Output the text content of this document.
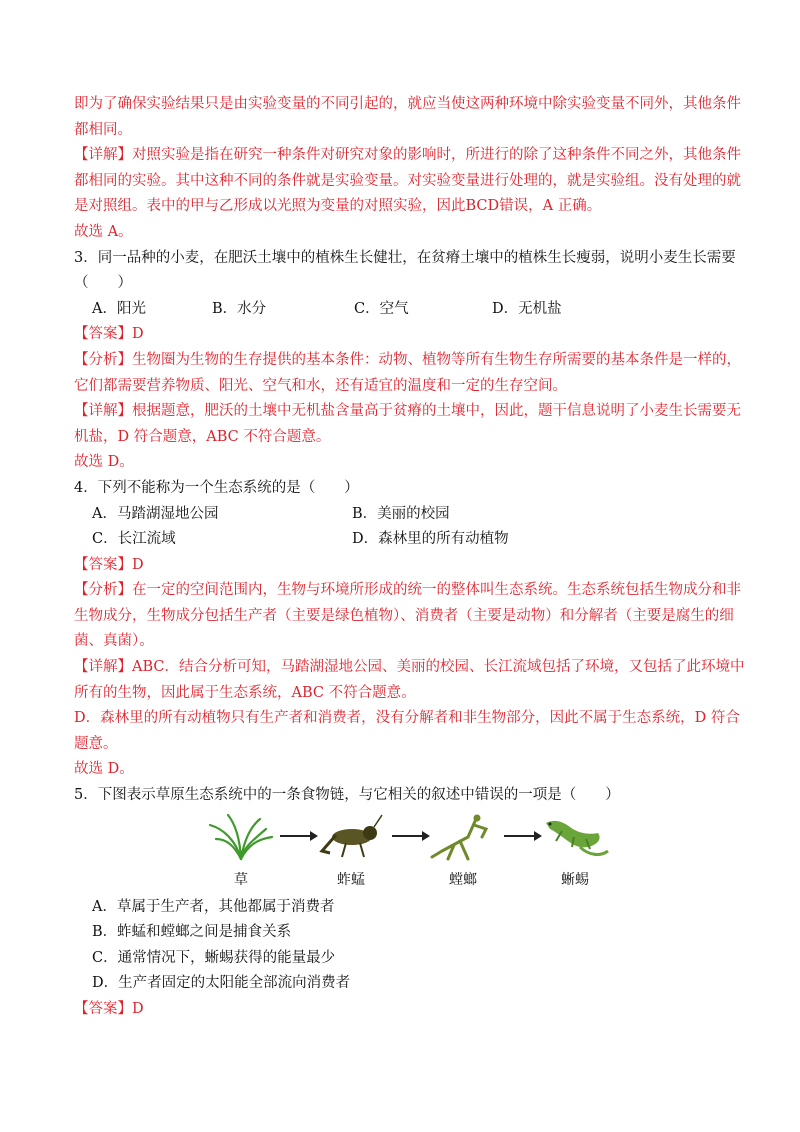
即为了确保实验结果只是由实验变量的不同引起的，就应当使这两种环境中除实验变量不同外，其他条件
都相同。
【详解】对照实验是指在研究一种条件对研究对象的影响时，所进行的除了这种条件不同之外，其他条件
都相同的实验。其中这种不同的条件就是实验变量。对实验变量进行处理的，就是实验组。没有处理的就
是对照组。表中的甲与乙形成以光照为变量的对照实验，因此BCD错误，A 正确。
故选 A。
3．同一品种的小麦，在肥沃土壤中的植株生长健壮，在贫瘠土壤中的植株生长瘦弱，说明小麦生长需要
（　　）
A．阳光	B．水分	C．空气	D．无机盐
【答案】D
【分析】生物圈为生物的生存提供的基本条件：动物、植物等所有生物生存所需要的基本条件是一样的，
它们都需要营养物质、阳光、空气和水，还有适宜的温度和一定的生存空间。
【详解】根据题意，肥沃的土壤中无机盐含量高于贫瘠的土壤中，因此，题干信息说明了小麦生长需要无
机盐，D 符合题意，ABC 不符合题意。
故选 D。
4．下列不能称为一个生态系统的是（　　）
A．马踏湖湿地公园	B．美丽的校园
C．长江流域	D．森林里的所有动植物
【答案】D
【分析】在一定的空间范围内，生物与环境所形成的统一的整体叫生态系统。生态系统包括生物成分和非
生物成分，生物成分包括生产者（主要是绿色植物）、消费者（主要是动物）和分解者（主要是腐生的细
菌、真菌）。
【详解】ABC．结合分析可知，马踏湖湿地公园、美丽的校园、长江流域包括了环境，又包括了此环境中
所有的生物，因此属于生态系统，ABC 不符合题意。
D．森林里的所有动植物只有生产者和消费者，没有分解者和非生物部分，因此不属于生态系统，D 符合
题意。
故选 D。
5．下图表示草原生态系统中的一条食物链，与它相关的叙述中错误的一项是（　　）
草	蚱蜢	螳螂	蜥蜴
A．草属于生产者，其他都属于消费者
B．蚱蜢和螳螂之间是捕食关系
C．通常情况下，蜥蜴获得的能量最少
D．生产者固定的太阳能全部流向消费者
【答案】D
